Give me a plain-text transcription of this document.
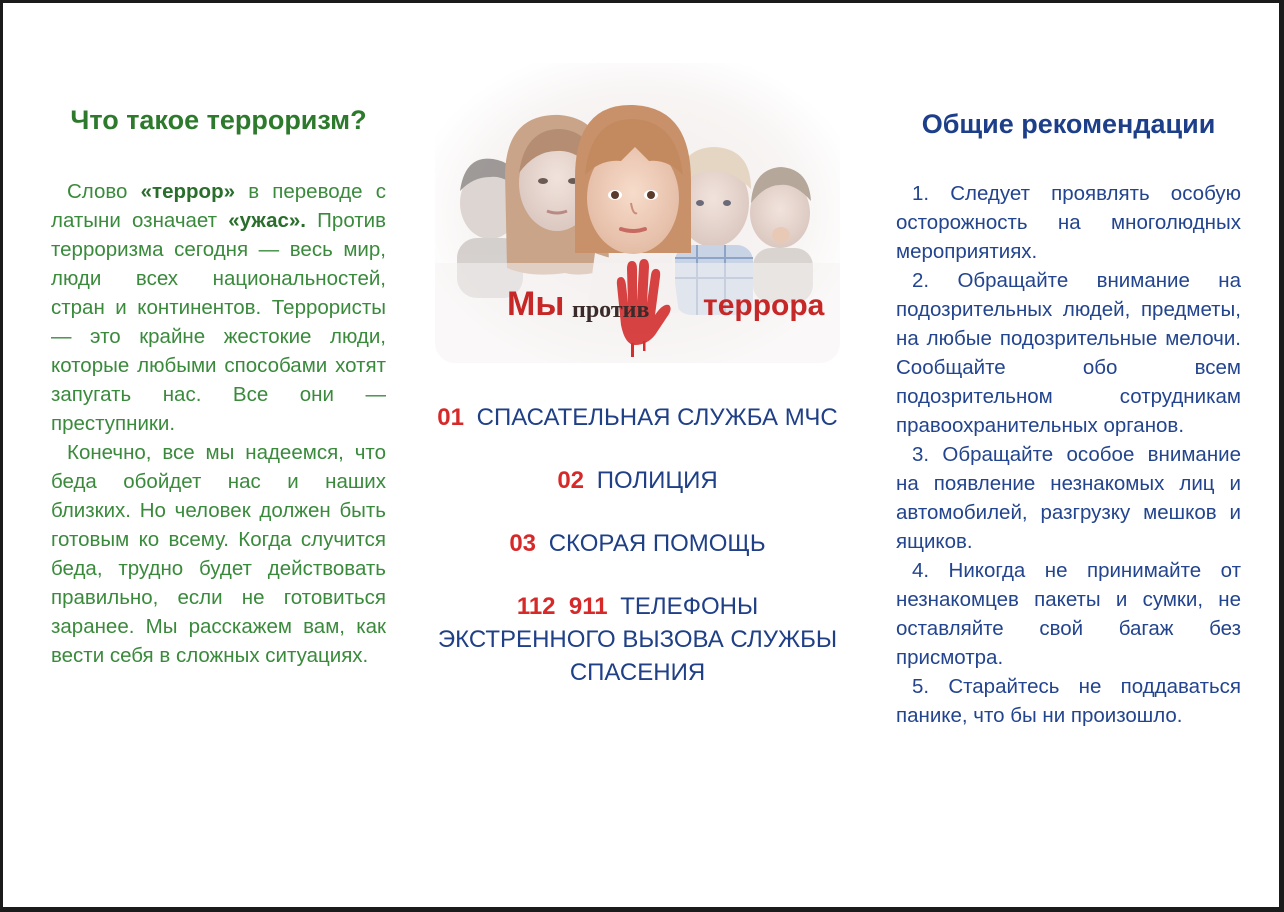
Что такое терроризм?

Слово «террор» в переводе с латыни означает «ужас». Против терроризма сегодня — весь мир, люди всех национальностей, стран и континентов. Террористы — это крайне жестокие люди, которые любыми способами хотят запугать нас. Все они — преступники.

Конечно, все мы надеемся, что беда обойдет нас и наших близких. Но человек должен быть готовым ко всему. Когда случится беда, трудно будет действовать правильно, если не готовиться заранее. Мы расскажем вам, как вести себя в сложных ситуациях.

Мы против террора
01 СПАСАТЕЛЬНАЯ СЛУЖБА МЧС
02 ПОЛИЦИЯ
03 СКОРАЯ ПОМОЩЬ
112  911 ТЕЛЕФОНЫ ЭКСТРЕННОГО ВЫЗОВА СЛУЖБЫ СПАСЕНИЯ
Общие рекомендации
1. Следует проявлять особую осторожность на многолюдных мероприятиях.
2. Обращайте внимание на подозрительных людей, предметы, на любые подозрительные мелочи. Сообщайте обо всем подозрительном сотрудникам правоохранительных органов.
3. Обращайте особое внимание на появление незнакомых лиц и автомобилей, разгрузку мешков и ящиков.
4. Никогда не принимайте от незнакомцев пакеты и сумки, не оставляйте свой багаж без присмотра.
5. Старайтесь не поддаваться панике, что бы ни произошло.
